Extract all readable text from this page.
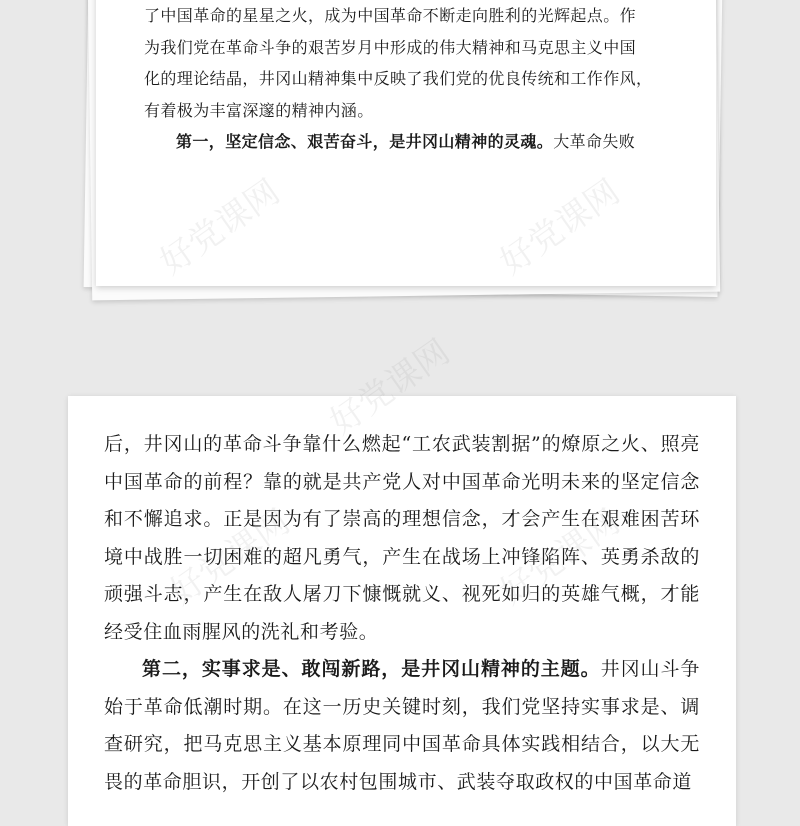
了中国革命的星星之火，成为中国革命不断走向胜利的光辉起点。作
为我们党在革命斗争的艰苦岁月中形成的伟大精神和马克思主义中国
化的理论结晶，井冈山精神集中反映了我们党的优良传统和工作作风，
有着极为丰富深邃的精神内涵。

第一，坚定信念、艰苦奋斗，是井冈山精神的灵魂。大革命失败

后，井冈山的革命斗争靠什么燃起“工农武装割据”的燎原之火、照亮中国革命的前程？靠的就是共产党人对中国革命光明未来的坚定信念和不懈追求。正是因为有了崇高的理想信念，才会产生在艰难困苦环境中战胜一切困难的超凡勇气，产生在战场上冲锋陷阵、英勇杀敌的顽强斗志，产生在敌人屠刀下慷慨就义、视死如归的英雄气概，才能经受住血雨腥风的洗礼和考验。

第二，实事求是、敢闯新路，是井冈山精神的主题。井冈山斗争始于革命低潮时期。在这一历史关键时刻，我们党坚持实事求是、调查研究，把马克思主义基本原理同中国革命具体实践相结合，以大无畏的革命胆识，开创了以农村包围城市、武装夺取政权的中国革命道

好党课网
